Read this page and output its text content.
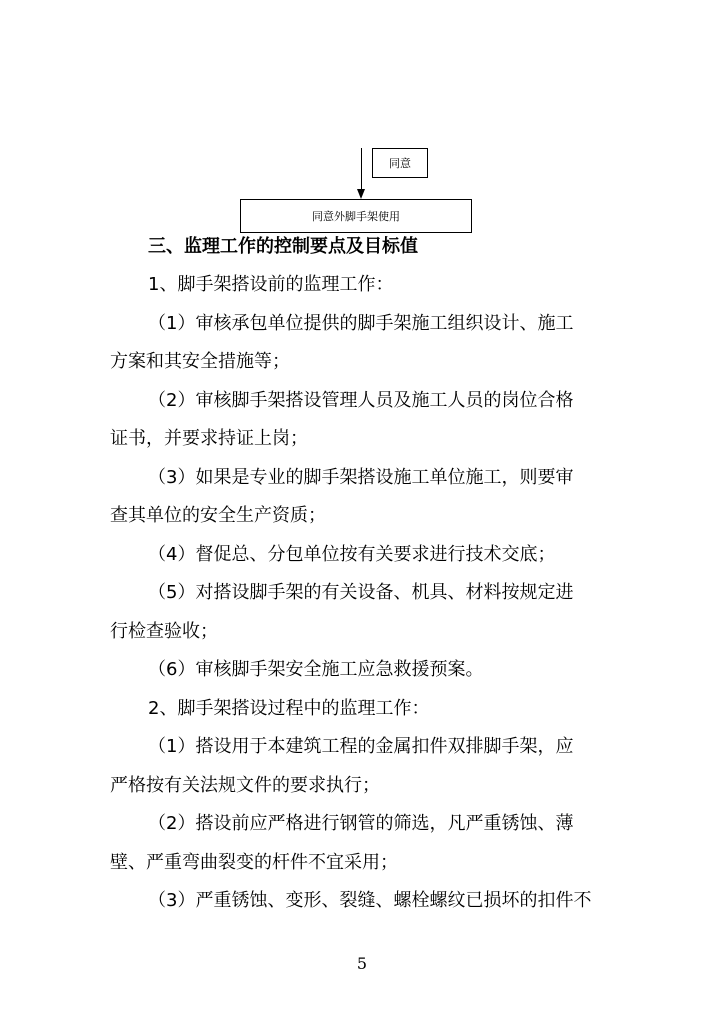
同意
同意外脚手架使用
三、监理工作的控制要点及目标值
1、脚手架搭设前的监理工作：
（1）审核承包单位提供的脚手架施工组织设计、施工
方案和其安全措施等；
（2）审核脚手架搭设管理人员及施工人员的岗位合格
证书，并要求持证上岗；
（3）如果是专业的脚手架搭设施工单位施工，则要审
查其单位的安全生产资质；
（4）督促总、分包单位按有关要求进行技术交底；
（5）对搭设脚手架的有关设备、机具、材料按规定进
行检查验收；
（6）审核脚手架安全施工应急救援预案。
2、脚手架搭设过程中的监理工作：
（1）搭设用于本建筑工程的金属扣件双排脚手架，应
严格按有关法规文件的要求执行；
（2）搭设前应严格进行钢管的筛选，凡严重锈蚀、薄
壁、严重弯曲裂变的杆件不宜采用；
（3）严重锈蚀、变形、裂缝、螺栓螺纹已损坏的扣件不
5
